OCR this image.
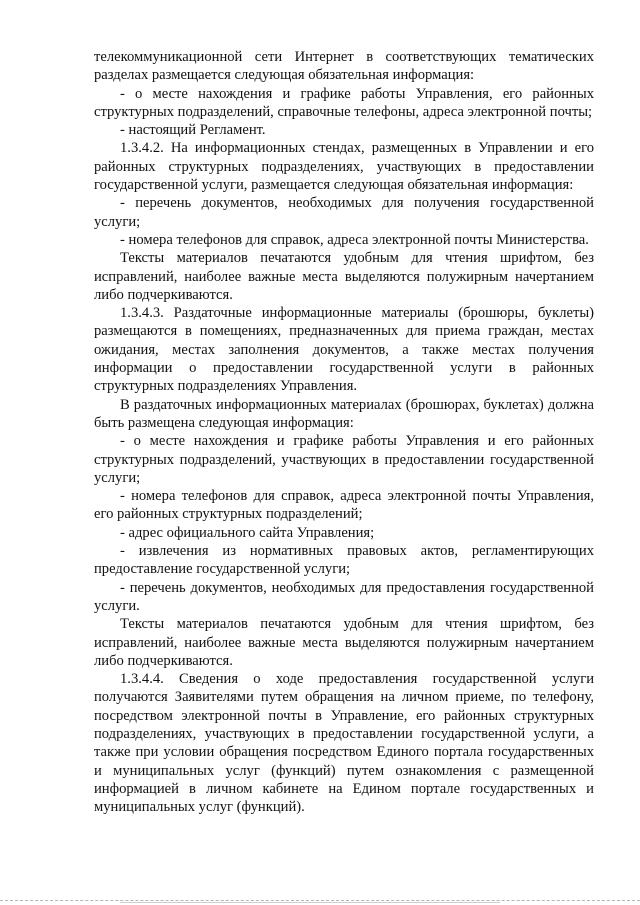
телекоммуникационной сети Интернет в соответствующих тематических разделах размещается следующая обязательная информация:

- о месте нахождения и графике работы Управления, его районных структурных подразделений, справочные телефоны, адреса электронной почты;

- настоящий Регламент.

1.3.4.2. На информационных стендах, размещенных в Управлении и его районных структурных подразделениях, участвующих в предоставлении государственной услуги, размещается следующая обязательная информация:

- перечень документов, необходимых для получения государственной услуги;

- номера телефонов для справок, адреса электронной почты Министерства.

Тексты материалов печатаются удобным для чтения шрифтом, без исправлений, наиболее важные места выделяются полужирным начертанием либо подчеркиваются.

1.3.4.3. Раздаточные информационные материалы (брошюры, буклеты) размещаются в помещениях, предназначенных для приема граждан, местах ожидания, местах заполнения документов, а также местах получения информации о предоставлении государственной услуги в районных структурных подразделениях Управления.

В раздаточных информационных материалах (брошюрах, буклетах) должна быть размещена следующая информация:

- о месте нахождения и графике работы Управления и его районных структурных подразделений, участвующих в предоставлении государственной услуги;

- номера телефонов для справок, адреса электронной почты Управления, его районных структурных подразделений;

- адрес официального сайта Управления;

- извлечения из нормативных правовых актов, регламентирующих предоставление государственной услуги;

- перечень документов, необходимых для предоставления государственной услуги.

Тексты материалов печатаются удобным для чтения шрифтом, без исправлений, наиболее важные места выделяются полужирным начертанием либо подчеркиваются.

1.3.4.4. Сведения о ходе предоставления государственной услуги получаются Заявителями путем обращения на личном приеме, по телефону, посредством электронной почты в Управление, его районных структурных подразделениях, участвующих в предоставлении государственной услуги, а также при условии обращения посредством Единого портала государственных и муниципальных услуг (функций) путем ознакомления с размещенной информацией в личном кабинете на Едином портале государственных и муниципальных услуг (функций).
